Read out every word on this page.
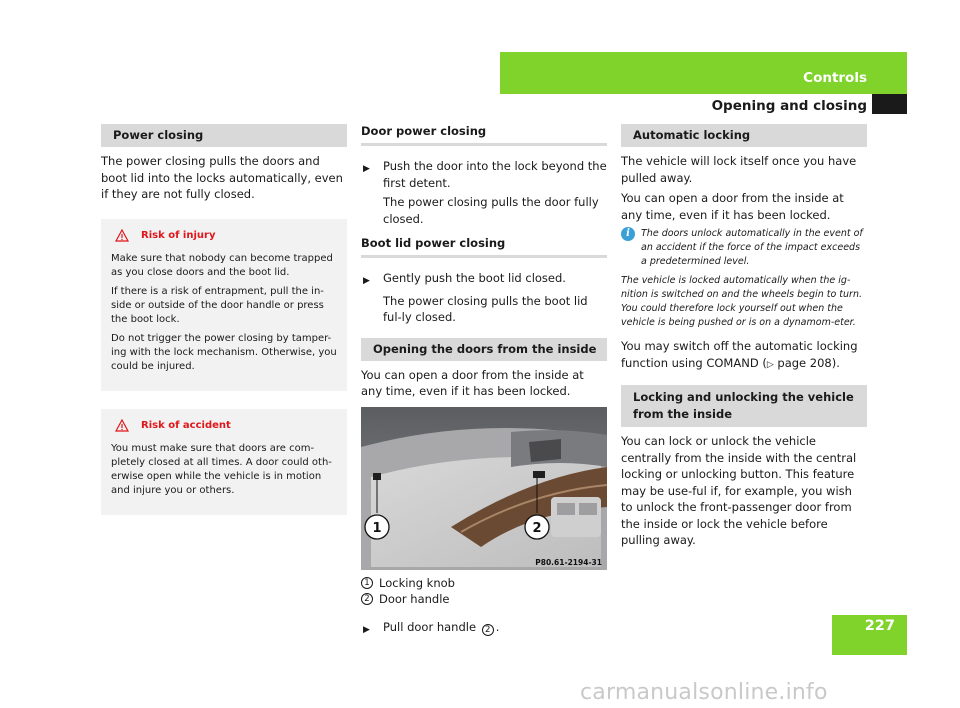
Controls
Opening and closing
Power closing
The power closing pulls the doors and boot lid into the locks automatically, even if they are not fully closed.
Risk of injury
Make sure that nobody can become trapped as you close doors and the boot lid.
If there is a risk of entrapment, pull the in-side or outside of the door handle or press the boot lock.
Do not trigger the power closing by tamper-ing with the lock mechanism. Otherwise, you could be injured.
Risk of accident
You must make sure that doors are com-pletely closed at all times. A door could oth-erwise open while the vehicle is in motion and injure you or others.
Door power closing
▶	Push the door into the lock beyond the first detent.
The power closing pulls the door fully closed.
Boot lid power closing
▶	Gently push the boot lid closed.
The power closing pulls the boot lid ful-ly closed.
Opening the doors from the inside
You can open a door from the inside at any time, even if it has been locked.
1	2
P80.61-2194-31
1 Locking knob
2 Door handle
▶	Pull door handle 2 .
Automatic locking
The vehicle will lock itself once you have pulled away.
You can open a door from the inside at any time, even if it has been locked.
i	The doors unlock automatically in the event of an accident if the force of the impact exceeds a predetermined level.
The vehicle is locked automatically when the ig-nition is switched on and the wheels begin to turn. You could therefore lock yourself out when the vehicle is being pushed or is on a dynamom-eter.
You may switch off the automatic locking function using COMAND (▷ page 208).
Locking and unlocking the vehicle from the inside
You can lock or unlock the vehicle centrally from the inside with the central locking or unlocking button. This feature may be use-ful if, for example, you wish to unlock the front-passenger door from the inside or lock the vehicle before pulling away.
227
carmanualsonline.info
